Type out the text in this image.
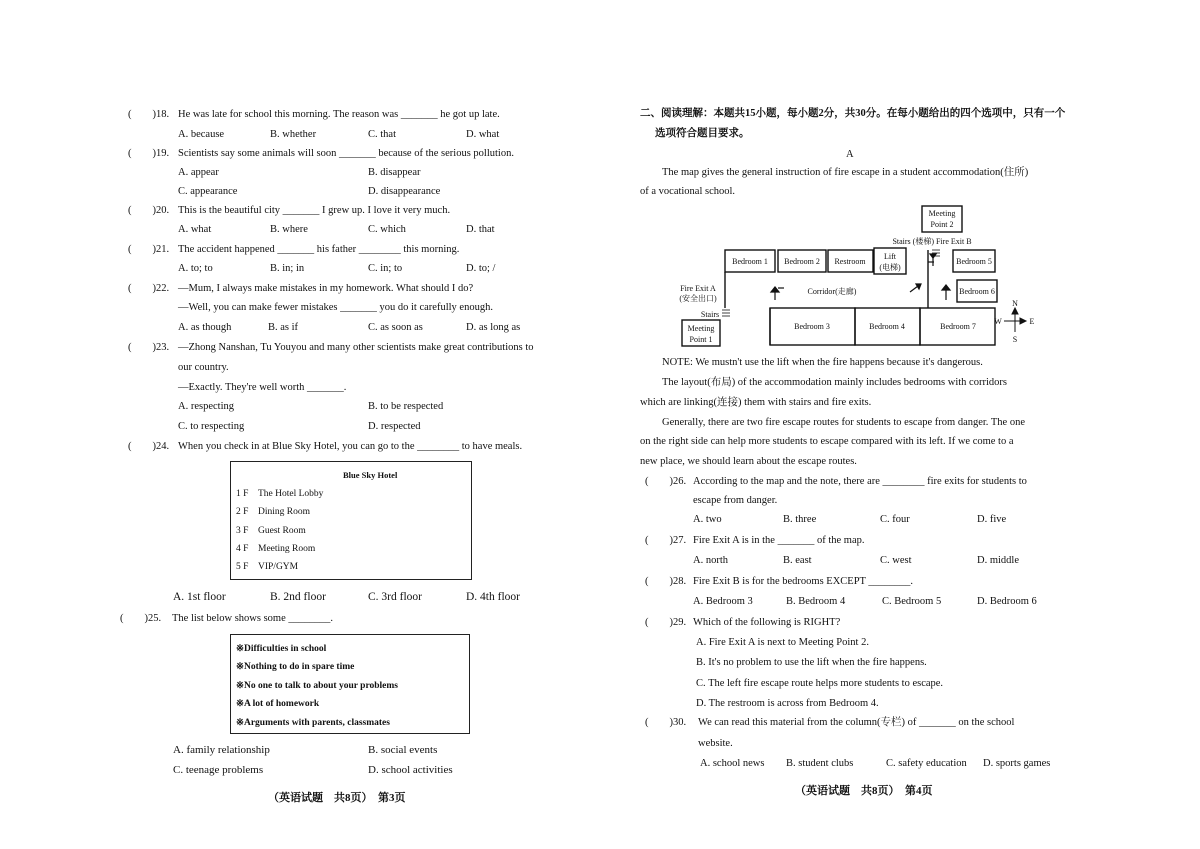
(　　)18. He was late for school this morning. The reason was _______ he got up late.
A. because	B. whether	C. that	D. what
(　　)19. Scientists say some animals will soon _______ because of the serious pollution.
A. appear	B. disappear
C. appearance	D. disappearance
(　　)20. This is the beautiful city _______ I grew up. I love it very much.
A. what	B. where	C. which	D. that
(　　)21. The accident happened _______ his father ________ this morning.
A. to; to	B. in; in	C. in; to	D. to; /
(　　)22. —Mum, I always make mistakes in my homework. What should I do?
—Well, you can make fewer mistakes _______ you do it carefully enough.
A. as though	B. as if	C. as soon as	D. as long as
(　　)23. —Zhong Nanshan, Tu Youyou and many other scientists make great contributions to
our country.
—Exactly. They're well worth _______.
A. respecting	B. to be respected
C. to respecting	D. respected
(　　)24. When you check in at Blue Sky Hotel, you can go to the ________ to have meals.
Blue Sky Hotel
1 F The Hotel Lobby
2 F Dining Room
3 F Guest Room
4 F Meeting Room
5 F VIP/GYM
A. 1st floor	B. 2nd floor	C. 3rd floor	D. 4th floor
(　　)25. The list below shows some ________.
※Difficulties in school
※Nothing to do in spare time
※No one to talk to about your problems
※A lot of homework
※Arguments with parents, classmates
A. family relationship	B. social events
C. teenage problems	D. school activities
（英语试题　共8页）　第3页
二、阅读理解：本题共15小题，每小题2分，共30分。在每小题给出的四个选项中，只有一个
选项符合题目要求。
A
The map gives the general instruction of fire escape in a student accommodation(住所)
of a vocational school.
Meeting
Point 2
Stairs (楼梯) Fire Exit B
Bedroom 1 Bedroom 2 Restroom
Lift
(电梯)
Bedroom 5
Bedroom 6
Fire Exit A
(安全出口)
Corridor(走廊)
Stairs
Bedroom 3	Bedroom 4	Bedroom 7
Meeting
Point 1
N
S
E
W
NOTE: We mustn't use the lift when the fire happens because it's dangerous.
The layout(布局) of the accommodation mainly includes bedrooms with corridors
which are linking(连接) them with stairs and fire exits.
Generally, there are two fire escape routes for students to escape from danger. The one
on the right side can help more students to escape compared with its left. If we come to a
new place, we should learn about the escape routes.
(　　)26. According to the map and the note, there are ________ fire exits for students to
escape from danger.
A. two	B. three	C. four	D. five
(　　)27. Fire Exit A is in the _______ of the map.
A. north	B. east	C. west	D. middle
(　　)28. Fire Exit B is for the bedrooms EXCEPT ________.
A. Bedroom 3	B. Bedroom 4	C. Bedroom 5	D. Bedroom 6
(　　)29. Which of the following is RIGHT?
A. Fire Exit A is next to Meeting Point 2.
B. It's no problem to use the lift when the fire happens.
C. The left fire escape route helps more students to escape.
D. The restroom is across from Bedroom 4.
(　　)30. We can read this material from the column(专栏) of _______ on the school
website.
A. school news B. student clubs	C. safety education D. sports games
（英语试题　共8页）　第4页
